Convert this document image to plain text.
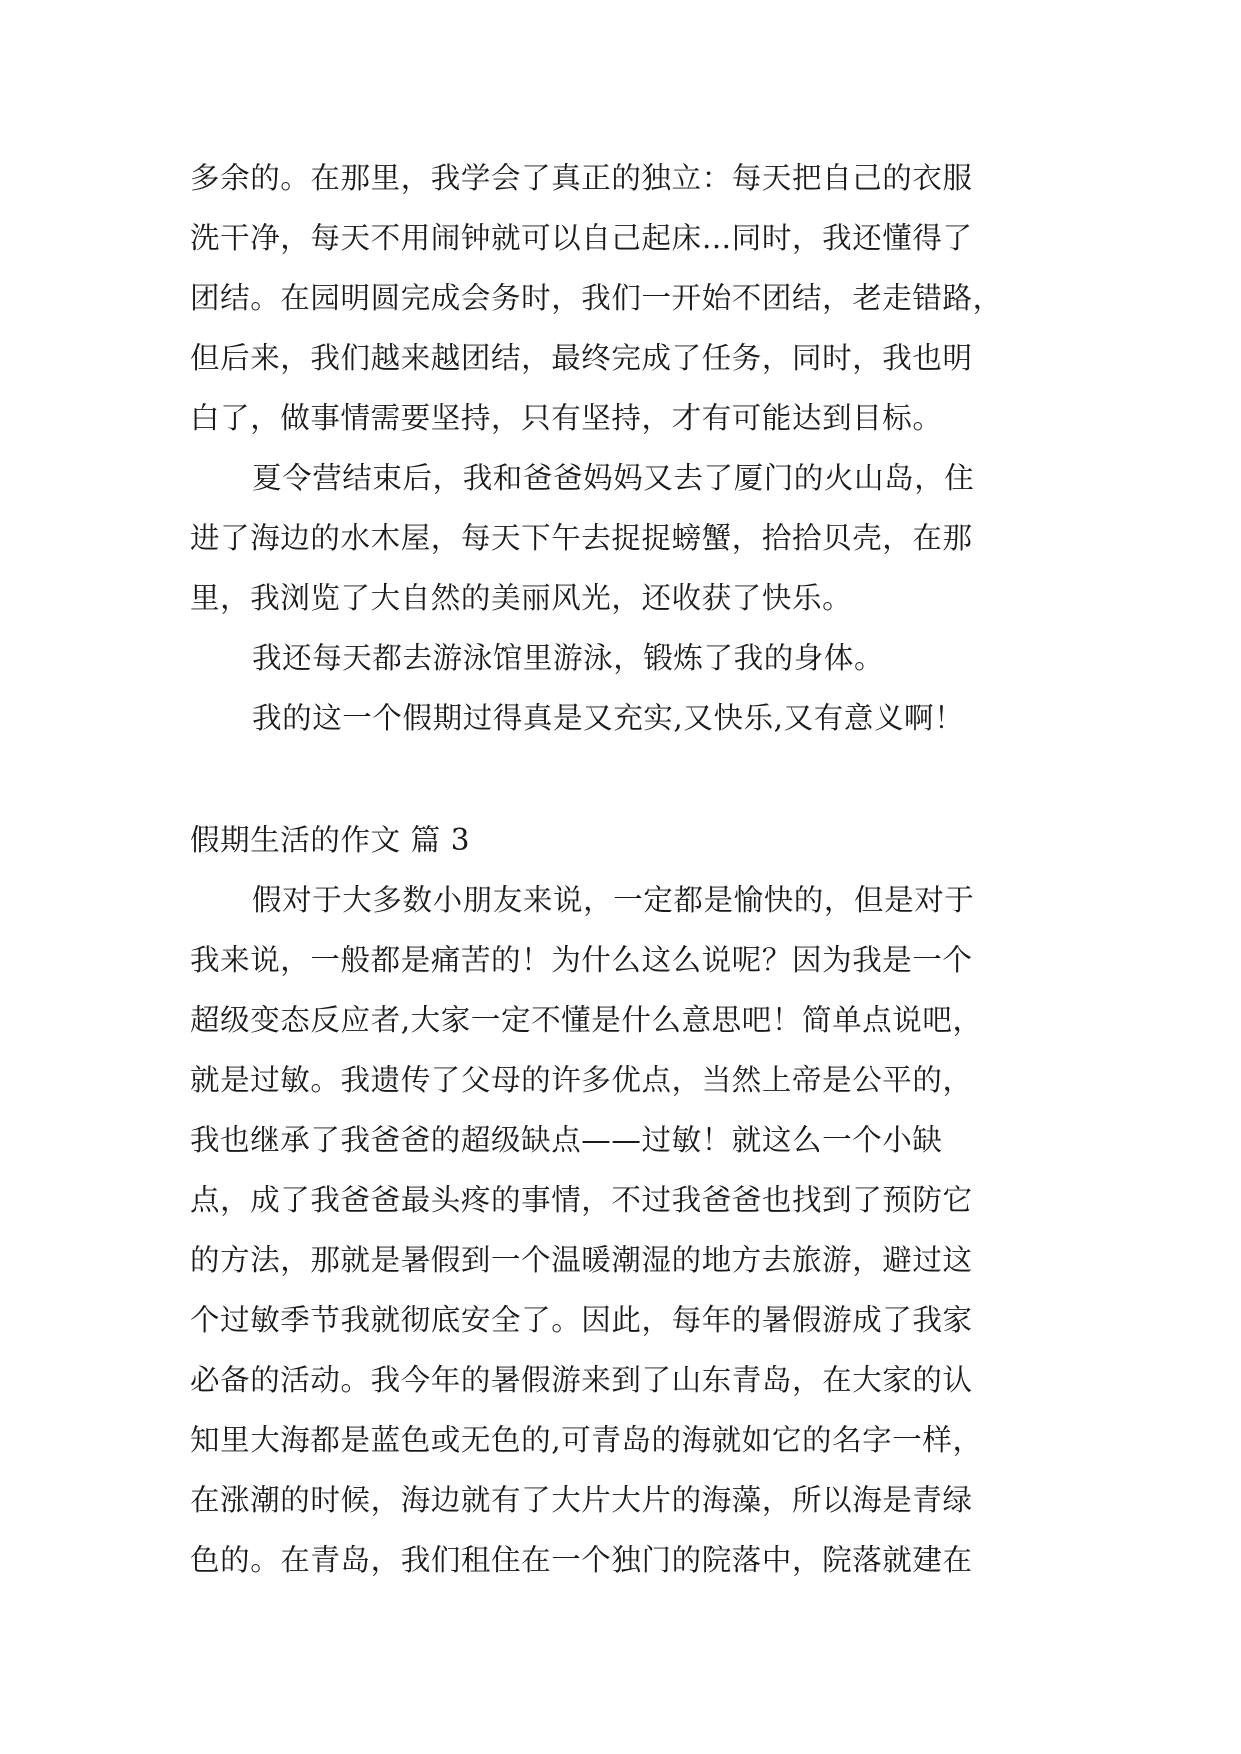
多余的。在那里，我学会了真正的独立：每天把自己的衣服
洗干净，每天不用闹钟就可以自己起床…同时，我还懂得了
团结。在园明圆完成会务时，我们一开始不团结，老走错路，
但后来，我们越来越团结，最终完成了任务，同时，我也明
白了，做事情需要坚持，只有坚持，才有可能达到目标。
夏令营结束后，我和爸爸妈妈又去了厦门的火山岛，住
进了海边的水木屋，每天下午去捉捉螃蟹，拾拾贝壳，在那
里，我浏览了大自然的美丽风光，还收获了快乐。
我还每天都去游泳馆里游泳，锻炼了我的身体。
我的这一个假期过得真是又充实,又快乐,又有意义啊！
假期生活的作文 篇 3
假对于大多数小朋友来说，一定都是愉快的，但是对于
我来说，一般都是痛苦的！为什么这么说呢？因为我是一个
超级变态反应者,大家一定不懂是什么意思吧！简单点说吧，
就是过敏。我遗传了父母的许多优点，当然上帝是公平的，
我也继承了我爸爸的超级缺点——过敏！就这么一个小缺
点，成了我爸爸最头疼的事情，不过我爸爸也找到了预防它
的方法，那就是暑假到一个温暖潮湿的地方去旅游，避过这
个过敏季节我就彻底安全了。因此，每年的暑假游成了我家
必备的活动。我今年的暑假游来到了山东青岛，在大家的认
知里大海都是蓝色或无色的,可青岛的海就如它的名字一样，
在涨潮的时候，海边就有了大片大片的海藻，所以海是青绿
色的。在青岛，我们租住在一个独门的院落中，院落就建在
